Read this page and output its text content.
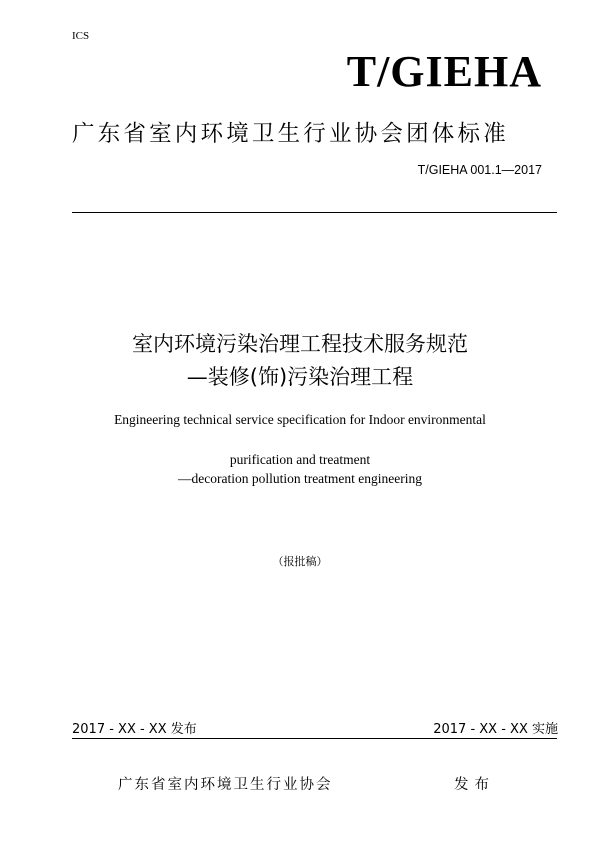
ICS
T/GIEHA
广东省室内环境卫生行业协会团体标准
T/GIEHA 001.1—2017
室内环境污染治理工程技术服务规范
—装修(饰)污染治理工程
Engineering technical service specification for Indoor environmental
purification and treatment
—decoration pollution treatment engineering
（报批稿）
2017 - XX - XX 发布	2017 - XX - XX 实施
广东省室内环境卫生行业协会	发布
